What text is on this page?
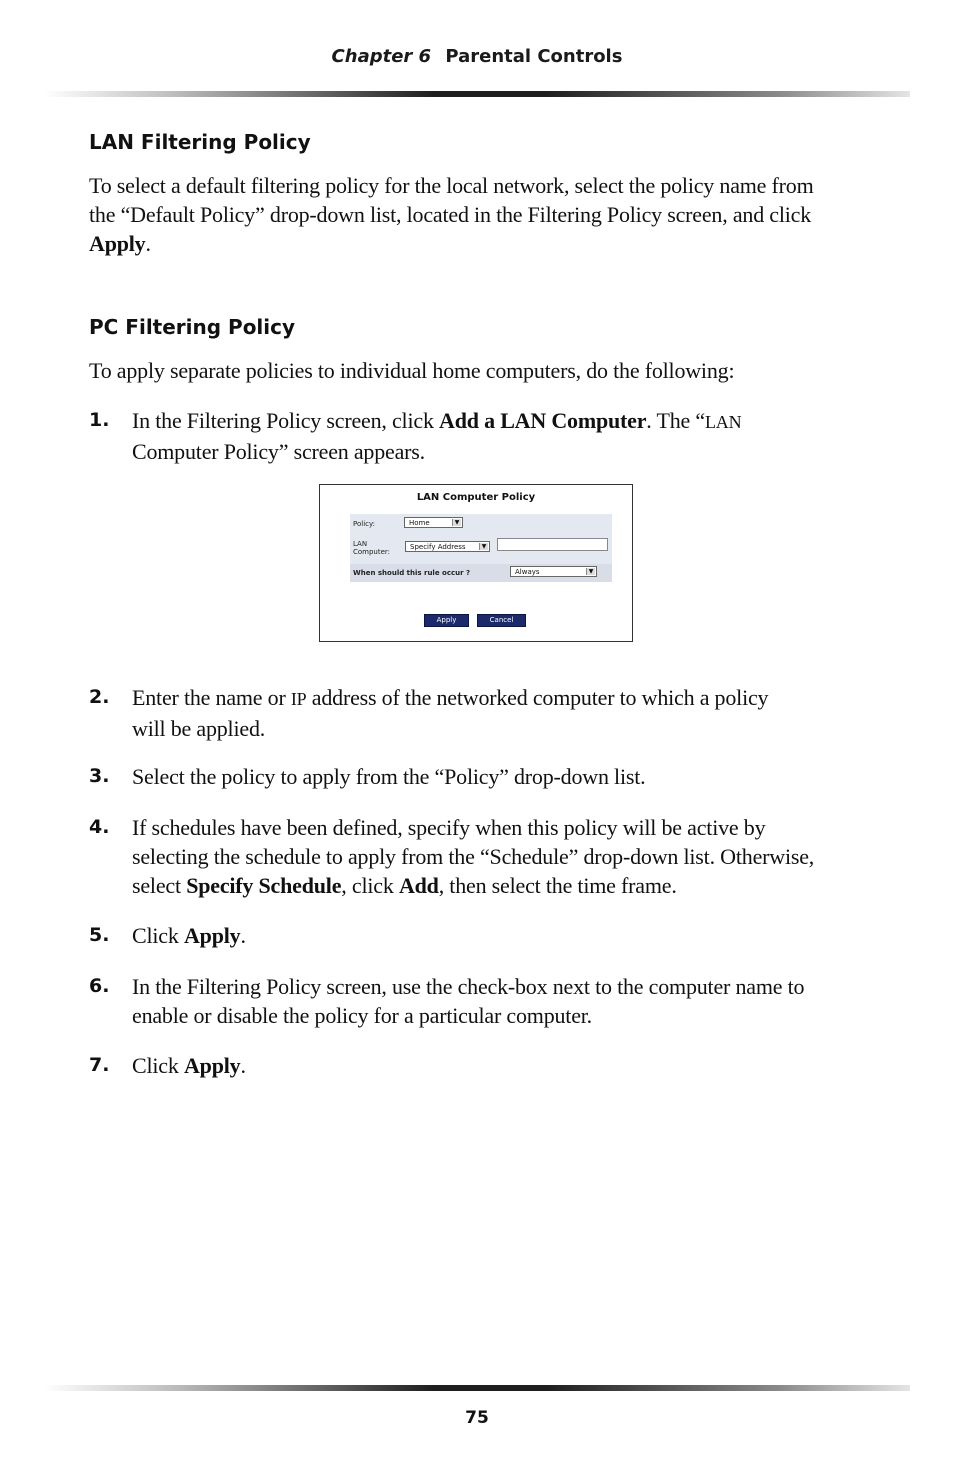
Chapter 6 Parental Controls
LAN Filtering Policy
To select a default filtering policy for the local network, select the policy name from
the “Default Policy” drop-down list, located in the Filtering Policy screen, and click
Apply.
PC Filtering Policy
To apply separate policies to individual home computers, do the following:
1. In the Filtering Policy screen, click Add a LAN Computer. The “LAN
Computer Policy” screen appears.
LAN Computer Policy
Policy:	Home	▼
LAN
Computer:
Specify Address	▼
When should this rule occur ?	Always	▼
Apply	Cancel
2. Enter the name or IP address of the networked computer to which a policy
will be applied.
3. Select the policy to apply from the “Policy” drop-down list.
4. If schedules have been defined, specify when this policy will be active by
selecting the schedule to apply from the “Schedule” drop-down list. Otherwise,
select Specify Schedule, click Add, then select the time frame.
5. Click Apply.
6. In the Filtering Policy screen, use the check-box next to the computer name to
enable or disable the policy for a particular computer.
7. Click Apply.
75
